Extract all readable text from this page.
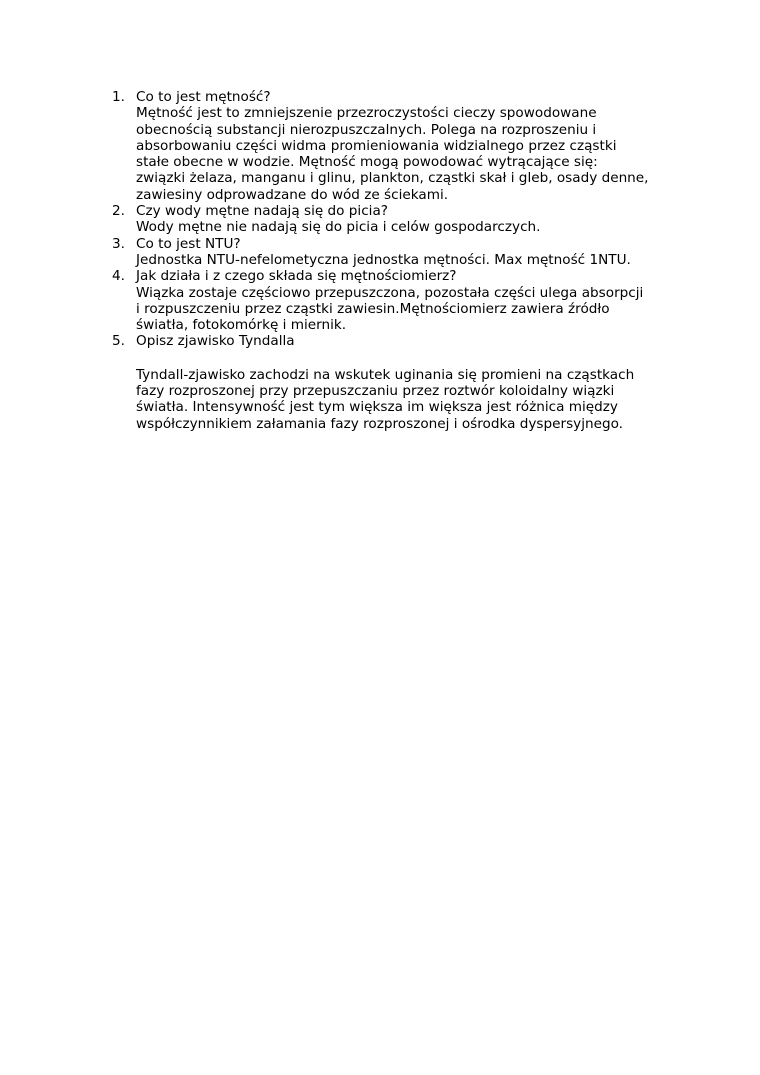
1. Co to jest mętność?
Mętność jest to zmniejszenie przezroczystości cieczy spowodowane
obecnością substancji nierozpuszczalnych. Polega na rozproszeniu i
absorbowaniu części widma promieniowania widzialnego przez cząstki
stałe obecne w wodzie. Mętność mogą powodować wytrącające się:
związki żelaza, manganu i glinu, plankton, cząstki skał i gleb, osady denne,
zawiesiny odprowadzane do wód ze ściekami.
2. Czy wody mętne nadają się do picia?
Wody mętne nie nadają się do picia i celów gospodarczych.
3. Co to jest NTU?
Jednostka NTU-nefelometyczna jednostka mętności. Max mętność 1NTU.
4. Jak działa i z czego składa się mętnościomierz?
Wiązka zostaje częściowo przepuszczona, pozostała części ulega absorpcji
i rozpuszczeniu przez cząstki zawiesin.Mętnościomierz zawiera źródło
światła, fotokomórkę i miernik.
5. Opisz zjawisko Tyndalla
Tyndall-zjawisko zachodzi na wskutek uginania się promieni na cząstkach
fazy rozproszonej przy przepuszczaniu przez roztwór koloidalny wiązki
światła. Intensywność jest tym większa im większa jest różnica między
współczynnikiem załamania fazy rozproszonej i ośrodka dyspersyjnego.
